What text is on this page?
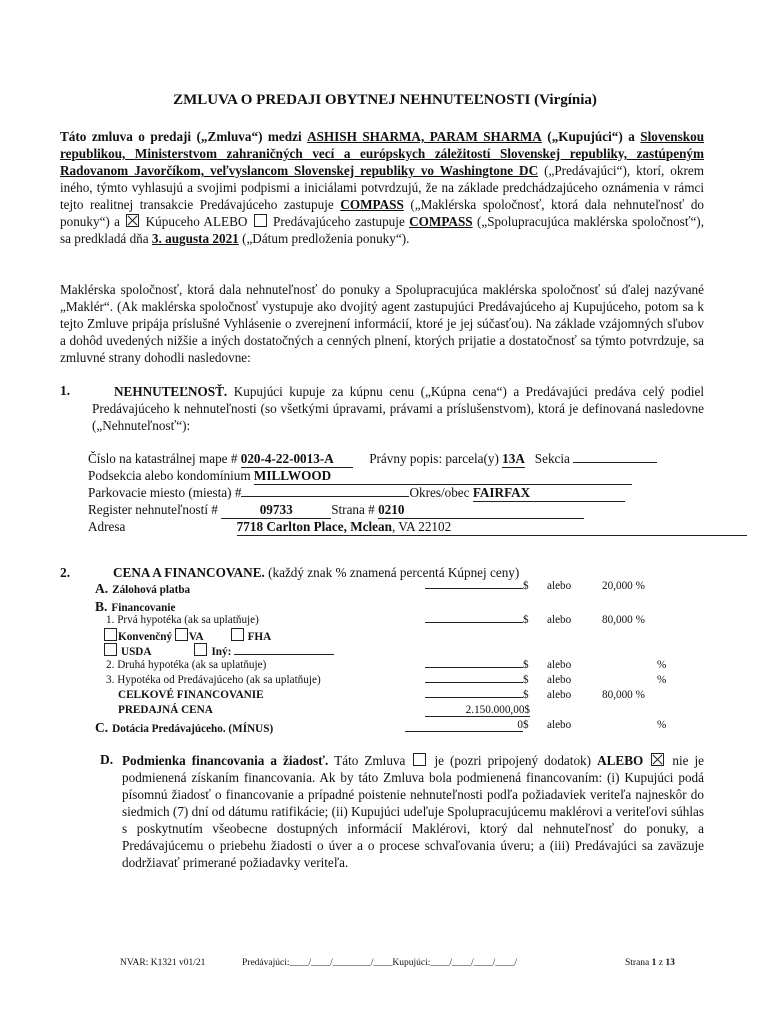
ZMLUVA O PREDAJI OBYTNEJ NEHNUTEĽNOSTI (Virgínia)
Táto zmluva o predaji („Zmluva“) medzi ASHISH SHARMA, PARAM SHARMA („Kupujúci“) a Slovenskou republikou, Ministerstvom zahraničných vecí a európskych záležitostí Slovenskej republiky, zastúpeným Radovanom Javorčíkom, veľvyslancom Slovenskej republiky vo Washingtone DC („Predávajúci“), ktorí, okrem iného, týmto vyhlasujú a svojimi podpismi a iniciálami potvrdzujú, že na základe predchádzajúceho oznámenia v rámci tejto realitnej transakcie Predávajúceho zastupuje COMPASS („Maklérska spoločnosť, ktorá dala nehnuteľnosť do ponuky“) a Kúpuceho ALEBO Predávajúceho zastupuje COMPASS („Spolupracujúca maklérska spoločnosť“), sa predkladá dňa 3. augusta 2021 („Dátum predloženia ponuky“).
Maklérska spoločnosť, ktorá dala nehnuteľnosť do ponuky a Spolupracujúca maklérska spoločnosť sú ďalej nazývané „Maklér“. (Ak maklérska spoločnosť vystupuje ako dvojitý agent zastupujúci Predávajúceho aj Kupujúceho, potom sa k tejto Zmluve pripája príslušné Vyhlásenie o zverejnení informácií, ktoré je jej súčasťou). Na základe vzájomných sľubov a dohôd uvedených nižšie a iných dostatočných a cenných plnení, ktorých prijatie a dostatočnosť sa týmto potvrdzuje, sa zmluvné strany dohodli nasledovne:
1.	NEHNUTEĽNOSŤ. Kupujúci kupuje za kúpnu cenu („Kúpna cena“) a Predávajúci predáva celý podiel Predávajúceho k nehnuteľnosti (so všetkými úpravami, právami a príslušenstvom), ktorá je definovaná nasledovne („Nehnuteľnosť“):
Číslo na katastrálnej mape # 020-4-22-0013-A	Právny popis: parcela(y) 13A Sekcia
Podsekcia alebo kondomínium MILLWOOD
Parkovacie miesto (miesta) #	Okres/obec FAIRFAX
Register nehnuteľností #	09733	Strana # 0210
Adresa	7718 Carlton Place, Mclean, VA 22102
2.	CENA A FINANCOVANE. (každý znak % znamená percentá Kúpnej ceny)
A. Zálohová platba	$ alebo	20,000 %
B. Financovanie
1. Prvá hypotéka (ak sa uplatňuje)	$ alebo	80,000 %
Konvenčný VA	FHA
USDA	Iný:
2. Druhá hypotéka (ak sa uplatňuje)	$ alebo	%
3. Hypotéka od Predávajúceho (ak sa uplatňuje)	$ alebo	%
CELKOVÉ FINANCOVANIE	$ alebo	80,000 %
PREDAJNÁ CENA	2.150.000,00$
C. Dotácia Predávajúceho. (MÍNUS)	0$ alebo	%
D. Podmienka financovania a žiadosť. Táto Zmluva je (pozri pripojený dodatok) ALEBO nie je podmienená získaním financovania. Ak by táto Zmluva bola podmienená financovaním: (i) Kupujúci podá písomnú žiadosť o financovanie a prípadné poistenie nehnuteľnosti podľa požiadaviek veriteľa najneskôr do siedmich (7) dní od dátumu ratifikácie; (ii) Kupujúci udeľuje Spolupracujúcemu maklérovi a veriteľovi súhlas s poskytnutím všeobecne dostupných informácií Maklérovi, ktorý dal nehnuteľnosť do ponuky, a Predávajúcemu o priebehu žiadosti o úver a o procese schvaľovania úveru; a (iii) Predávajúci sa zaväzuje dodržiavať primerané požiadavky veriteľa.
NVAR: K1321 v01/21	Predávajúci:____/____/________/____Kupujúci:____/____/____/____/	Strana 1 z 13
